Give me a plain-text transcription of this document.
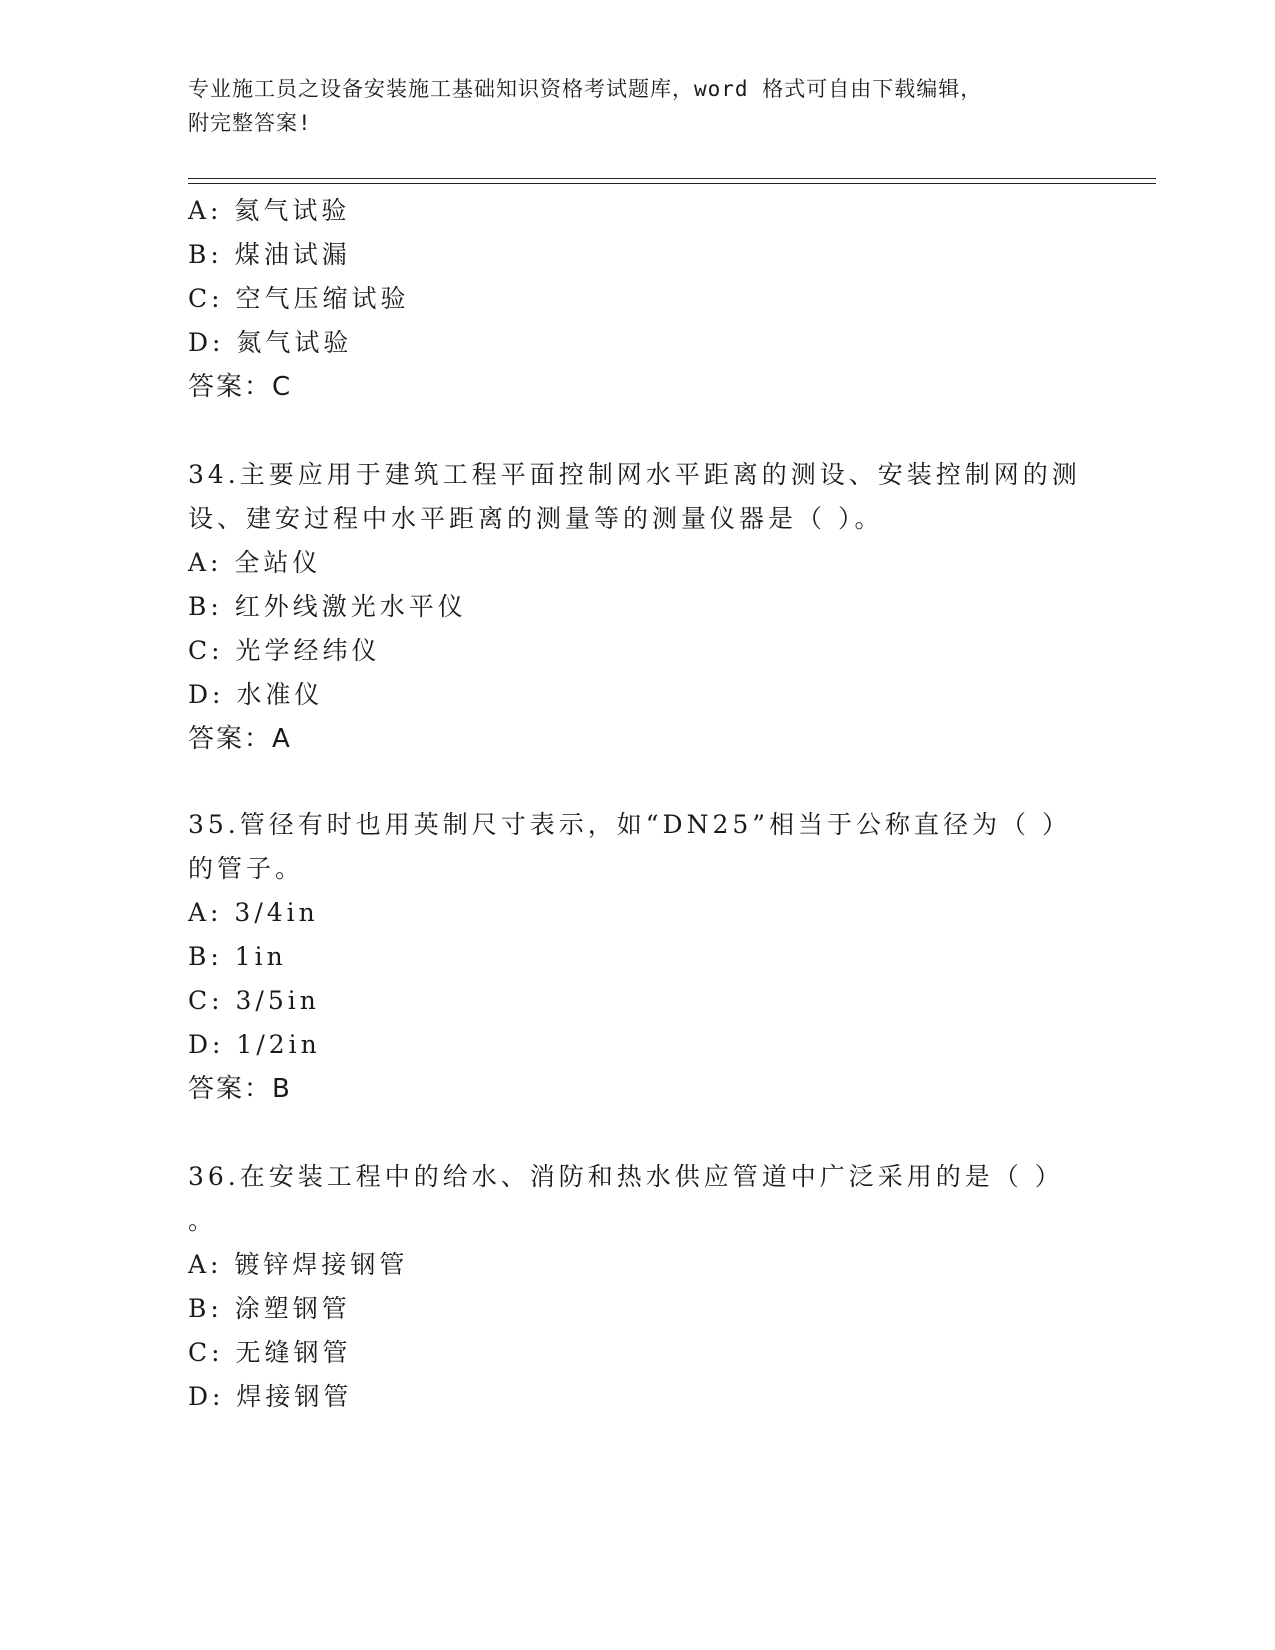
专业施工员之设备安装施工基础知识资格考试题库，word 格式可自由下载编辑，
附完整答案!
A: 氦气试验
B: 煤油试漏
C: 空气压缩试验
D: 氮气试验
答案：C
34.主要应用于建筑工程平面控制网水平距离的测设、安装控制网的测
设、建安过程中水平距离的测量等的测量仪器是（ ）。
A: 全站仪
B: 红外线激光水平仪
C: 光学经纬仪
D: 水准仪
答案：A
35.管径有时也用英制尺寸表示，如“DN25”相当于公称直径为（ ）
的管子。
A: 3/4in
B: 1in
C: 3/5in
D: 1/2in
答案：B
36.在安装工程中的给水、消防和热水供应管道中广泛采用的是（ ）
。
A: 镀锌焊接钢管
B: 涂塑钢管
C: 无缝钢管
D: 焊接钢管
